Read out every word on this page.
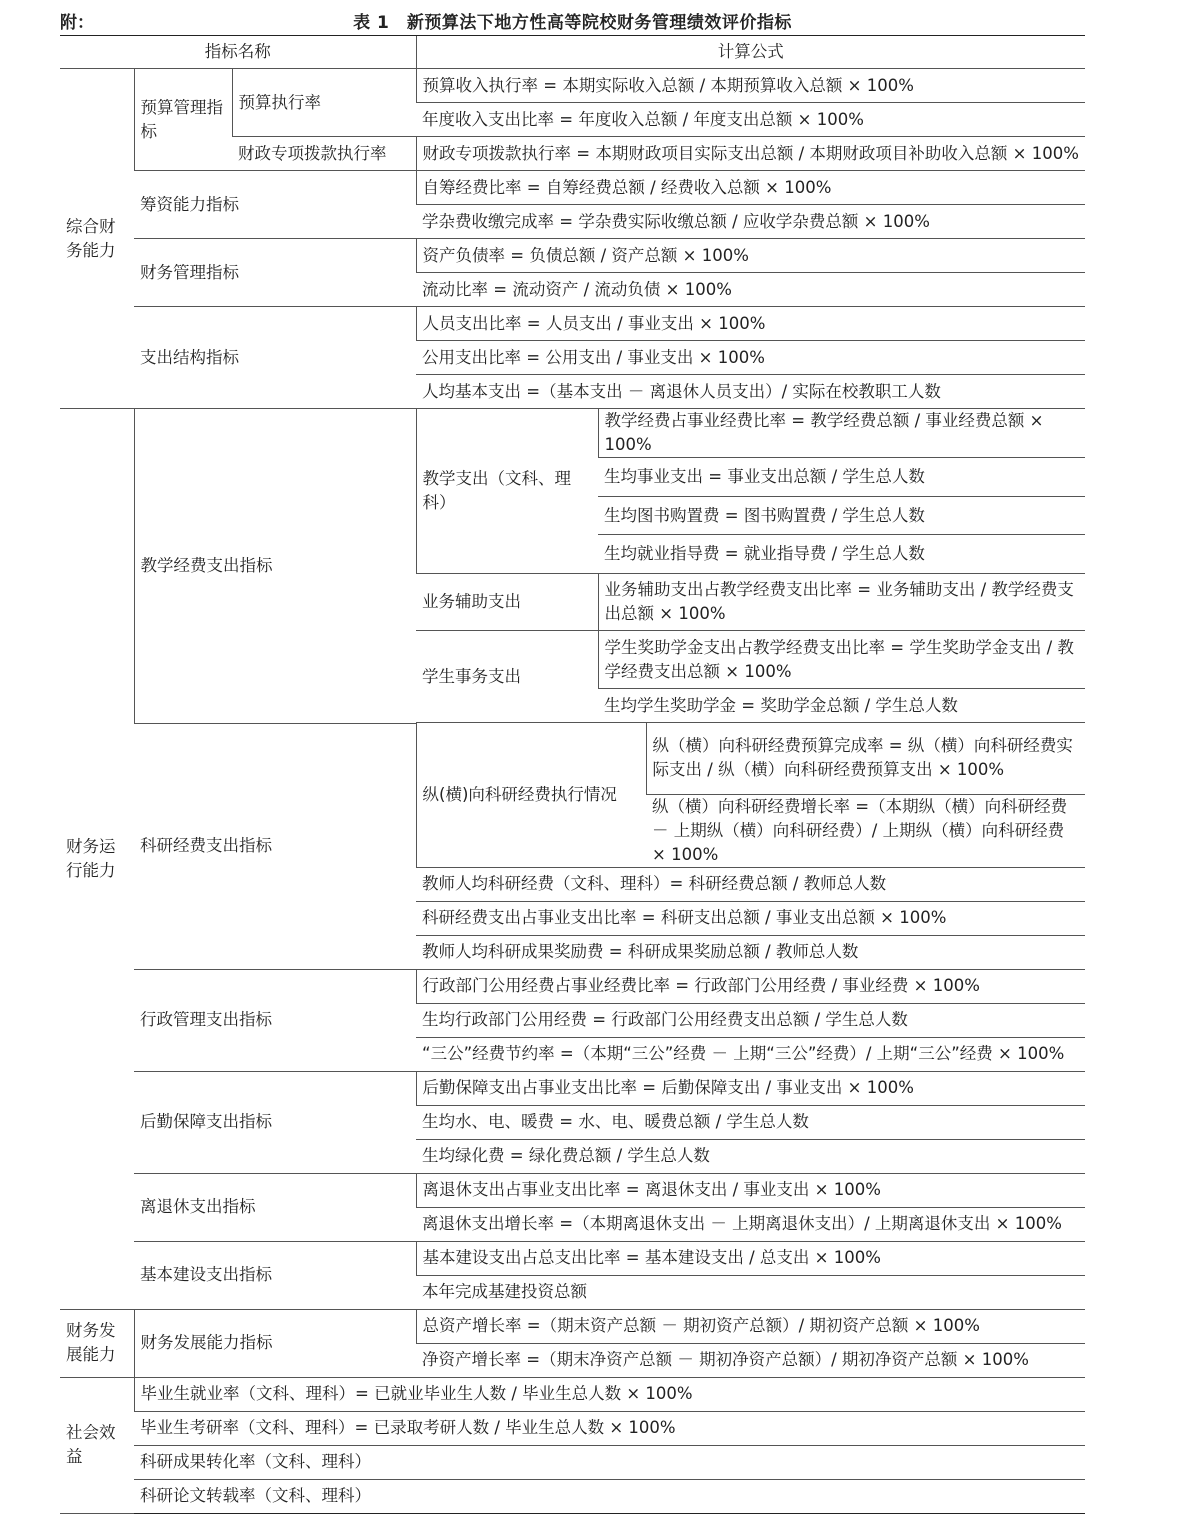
附：	表 1　新预算法下地方性高等院校财务管理绩效评价指标
指标名称			计算公式		
综合财务能力	预算管理指标	预算执行率	预算收入执行率 = 本期实际收入总额 / 本期预算收入总额 × 100%		
			年度收入支出比率 = 年度收入总额 / 年度支出总额 × 100%		
		财政专项拨款执行率	财政专项拨款执行率 = 本期财政项目实际支出总额 / 本期财政项目补助收入总额 × 100%		
	筹资能力指标		自筹经费比率 = 自筹经费总额 / 经费收入总额 × 100%		
			学杂费收缴完成率 = 学杂费实际收缴总额 / 应收学杂费总额 × 100%		
	财务管理指标		资产负债率 = 负债总额 / 资产总额 × 100%		
			流动比率 = 流动资产 / 流动负债 × 100%		
	支出结构指标		人员支出比率 = 人员支出 / 事业支出 × 100%		
			公用支出比率 = 公用支出 / 事业支出 × 100%		
			人均基本支出 =（基本支出 － 离退休人员支出）/ 实际在校教职工人数		
财务运行能力	教学经费支出指标		教学支出（文科、理科）	教学经费占事业经费比率 = 教学经费总额 / 事业经费总额 × 100%	
				生均事业支出 = 事业支出总额 / 学生总人数	
				生均图书购置费 = 图书购置费 / 学生总人数	
				生均就业指导费 = 就业指导费 / 学生总人数	
			业务辅助支出	业务辅助支出占教学经费支出比率 = 业务辅助支出 / 教学经费支出总额 × 100%	
			学生事务支出	学生奖助学金支出占教学经费支出比率 = 学生奖助学金支出 / 教学经费支出总额 × 100%	
				生均学生奖助学金 = 奖助学金总额 / 学生总人数	

	科研经费支出指标		纵(横)向科研经费执行情况		纵（横）向科研经费预算完成率 = 纵（横）向科研经费实际支出 / 纵（横）向科研经费预算支出 × 100%
					纵（横）向科研经费增长率 =（本期纵（横）向科研经费 － 上期纵（横）向科研经费）/ 上期纵（横）向科研经费 × 100%
			教师人均科研经费（文科、理科）= 科研经费总额 / 教师总人数		
			科研经费支出占事业支出比率 = 科研支出总额 / 事业支出总额 × 100%		
			教师人均科研成果奖励费 = 科研成果奖励总额 / 教师总人数		
	行政管理支出指标		行政部门公用经费占事业经费比率 = 行政部门公用经费 / 事业经费 × 100%		
			生均行政部门公用经费 = 行政部门公用经费支出总额 / 学生总人数		
			“三公”经费节约率 =（本期“三公”经费 － 上期“三公”经费）/ 上期“三公”经费 × 100%		
	后勤保障支出指标		后勤保障支出占事业支出比率 = 后勤保障支出 / 事业支出 × 100%		
			生均水、电、暖费 = 水、电、暖费总额 / 学生总人数		
			生均绿化费 = 绿化费总额 / 学生总人数		
	离退休支出指标		离退休支出占事业支出比率 = 离退休支出 / 事业支出 × 100%		
			离退休支出增长率 =（本期离退休支出 － 上期离退休支出）/ 上期离退休支出 × 100%		
	基本建设支出指标		基本建设支出占总支出比率 = 基本建设支出 / 总支出 × 100%		
			本年完成基建投资总额		
财务发展能力	财务发展能力指标		总资产增长率 =（期末资产总额 － 期初资产总额）/ 期初资产总额 × 100%		
			净资产增长率 =（期末净资产总额 － 期初净资产总额）/ 期初净资产总额 × 100%		
社会效益	毕业生就业率（文科、理科）= 已就业毕业生人数 / 毕业生总人数 × 100%				
	毕业生考研率（文科、理科）= 已录取考研人数 / 毕业生总人数 × 100%				
	科研成果转化率（文科、理科）				
	科研论文转载率（文科、理科）				
